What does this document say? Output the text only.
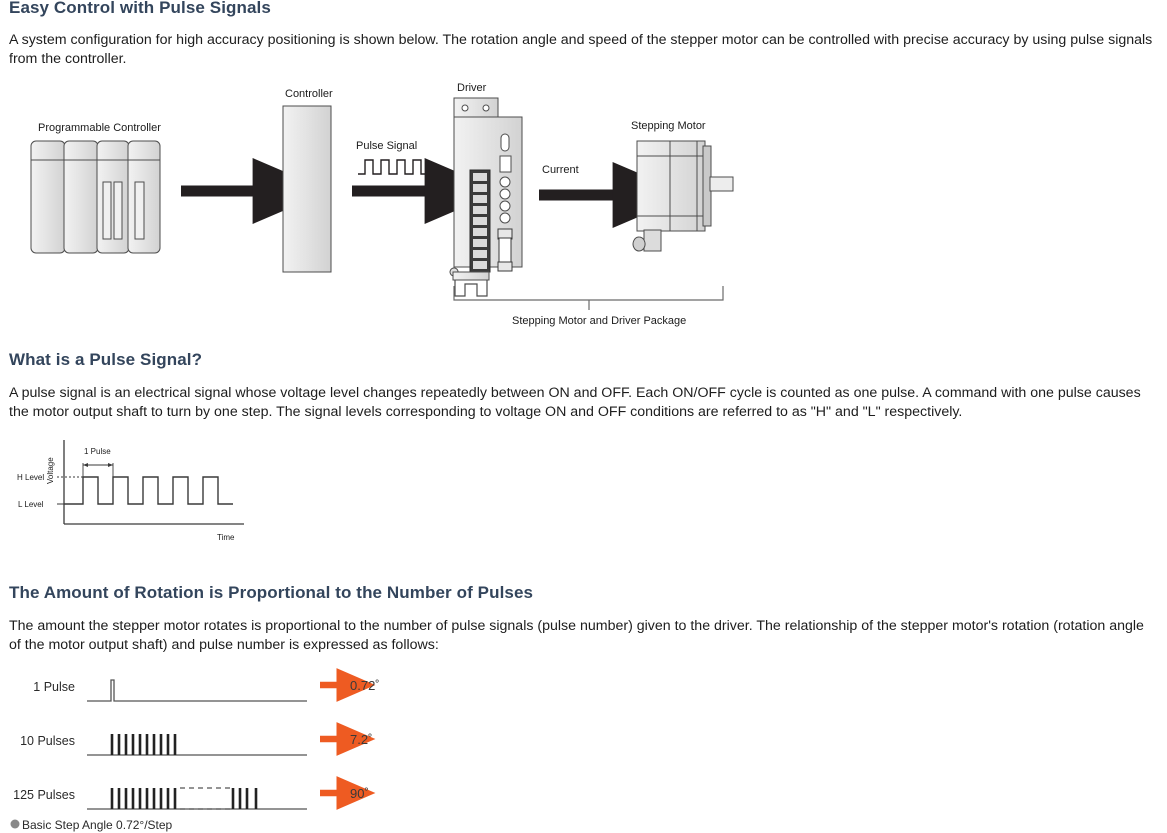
Easy Control with Pulse Signals

A system configuration for high accuracy positioning is shown below. The rotation angle and speed of the stepper motor can be controlled with precise accuracy by using pulse signals from the controller.

Programmable Controller
Controller
Pulse Signal
Driver
Current
Stepping Motor
Stepping Motor and Driver Package
What is a Pulse Signal?

A pulse signal is an electrical signal whose voltage level changes repeatedly between ON and OFF. Each ON/OFF cycle is counted as one pulse. A command with one pulse causes the motor output shaft to turn by one step. The signal levels corresponding to voltage ON and OFF conditions are referred to as "H" and "L" respectively.

Voltage
H Level
L Level
1 Pulse
Time
The Amount of Rotation is Proportional to the Number of Pulses

The amount the stepper motor rotates is proportional to the number of pulse signals (pulse number) given to the driver. The relationship of the stepper motor's rotation (rotation angle of the motor output shaft) and pulse number is expressed as follows:

1 Pulse	0.72˚
10 Pulses	7.2˚
125 Pulses	90˚
Basic Step Angle 0.72°/Step
